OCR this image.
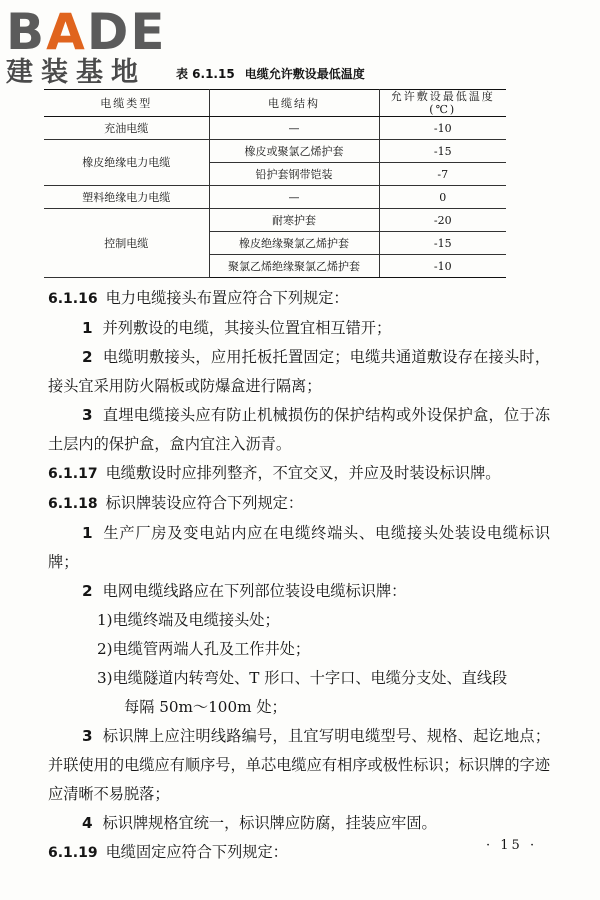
BADE
建装基地	表 6.1.15 电缆允许敷设最低温度
电缆类型	电缆结构	允许敷设最低温度(℃)
充油电缆	—	-10
橡皮绝缘电力电缆	橡皮或聚氯乙烯护套	-15
	铅护套钢带铠装	-7
塑料绝缘电力电缆	—	0
控制电缆	耐寒护套	-20
	橡皮绝缘聚氯乙烯护套	-15
	聚氯乙烯绝缘聚氯乙烯护套	-10

6.1.16 电力电缆接头布置应符合下列规定：

1 并列敷设的电缆，其接头位置宜相互错开；

2 电缆明敷接头，应用托板托置固定；电缆共通道敷设存在接头时，接头宜采用防火隔板或防爆盒进行隔离；

3 直埋电缆接头应有防止机械损伤的保护结构或外设保护盒，位于冻土层内的保护盒，盒内宜注入沥青。

6.1.17 电缆敷设时应排列整齐，不宜交叉，并应及时装设标识牌。

6.1.18 标识牌装设应符合下列规定：

1 生产厂房及变电站内应在电缆终端头、电缆接头处装设电缆标识牌；

2 电网电缆线路应在下列部位装设电缆标识牌：

1)电缆终端及电缆接头处；

2)电缆管两端人孔及工作井处；

3)电缆隧道内转弯处、T 形口、十字口、电缆分支处、直线段
每隔 50m～100m 处；

3 标识牌上应注明线路编号，且宜写明电缆型号、规格、起讫地点；并联使用的电缆应有顺序号，单芯电缆应有相序或极性标识；标识牌的字迹应清晰不易脱落；

4 标识牌规格宜统一，标识牌应防腐，挂装应牢固。

6.1.19 电缆固定应符合下列规定：	· 15 ·
